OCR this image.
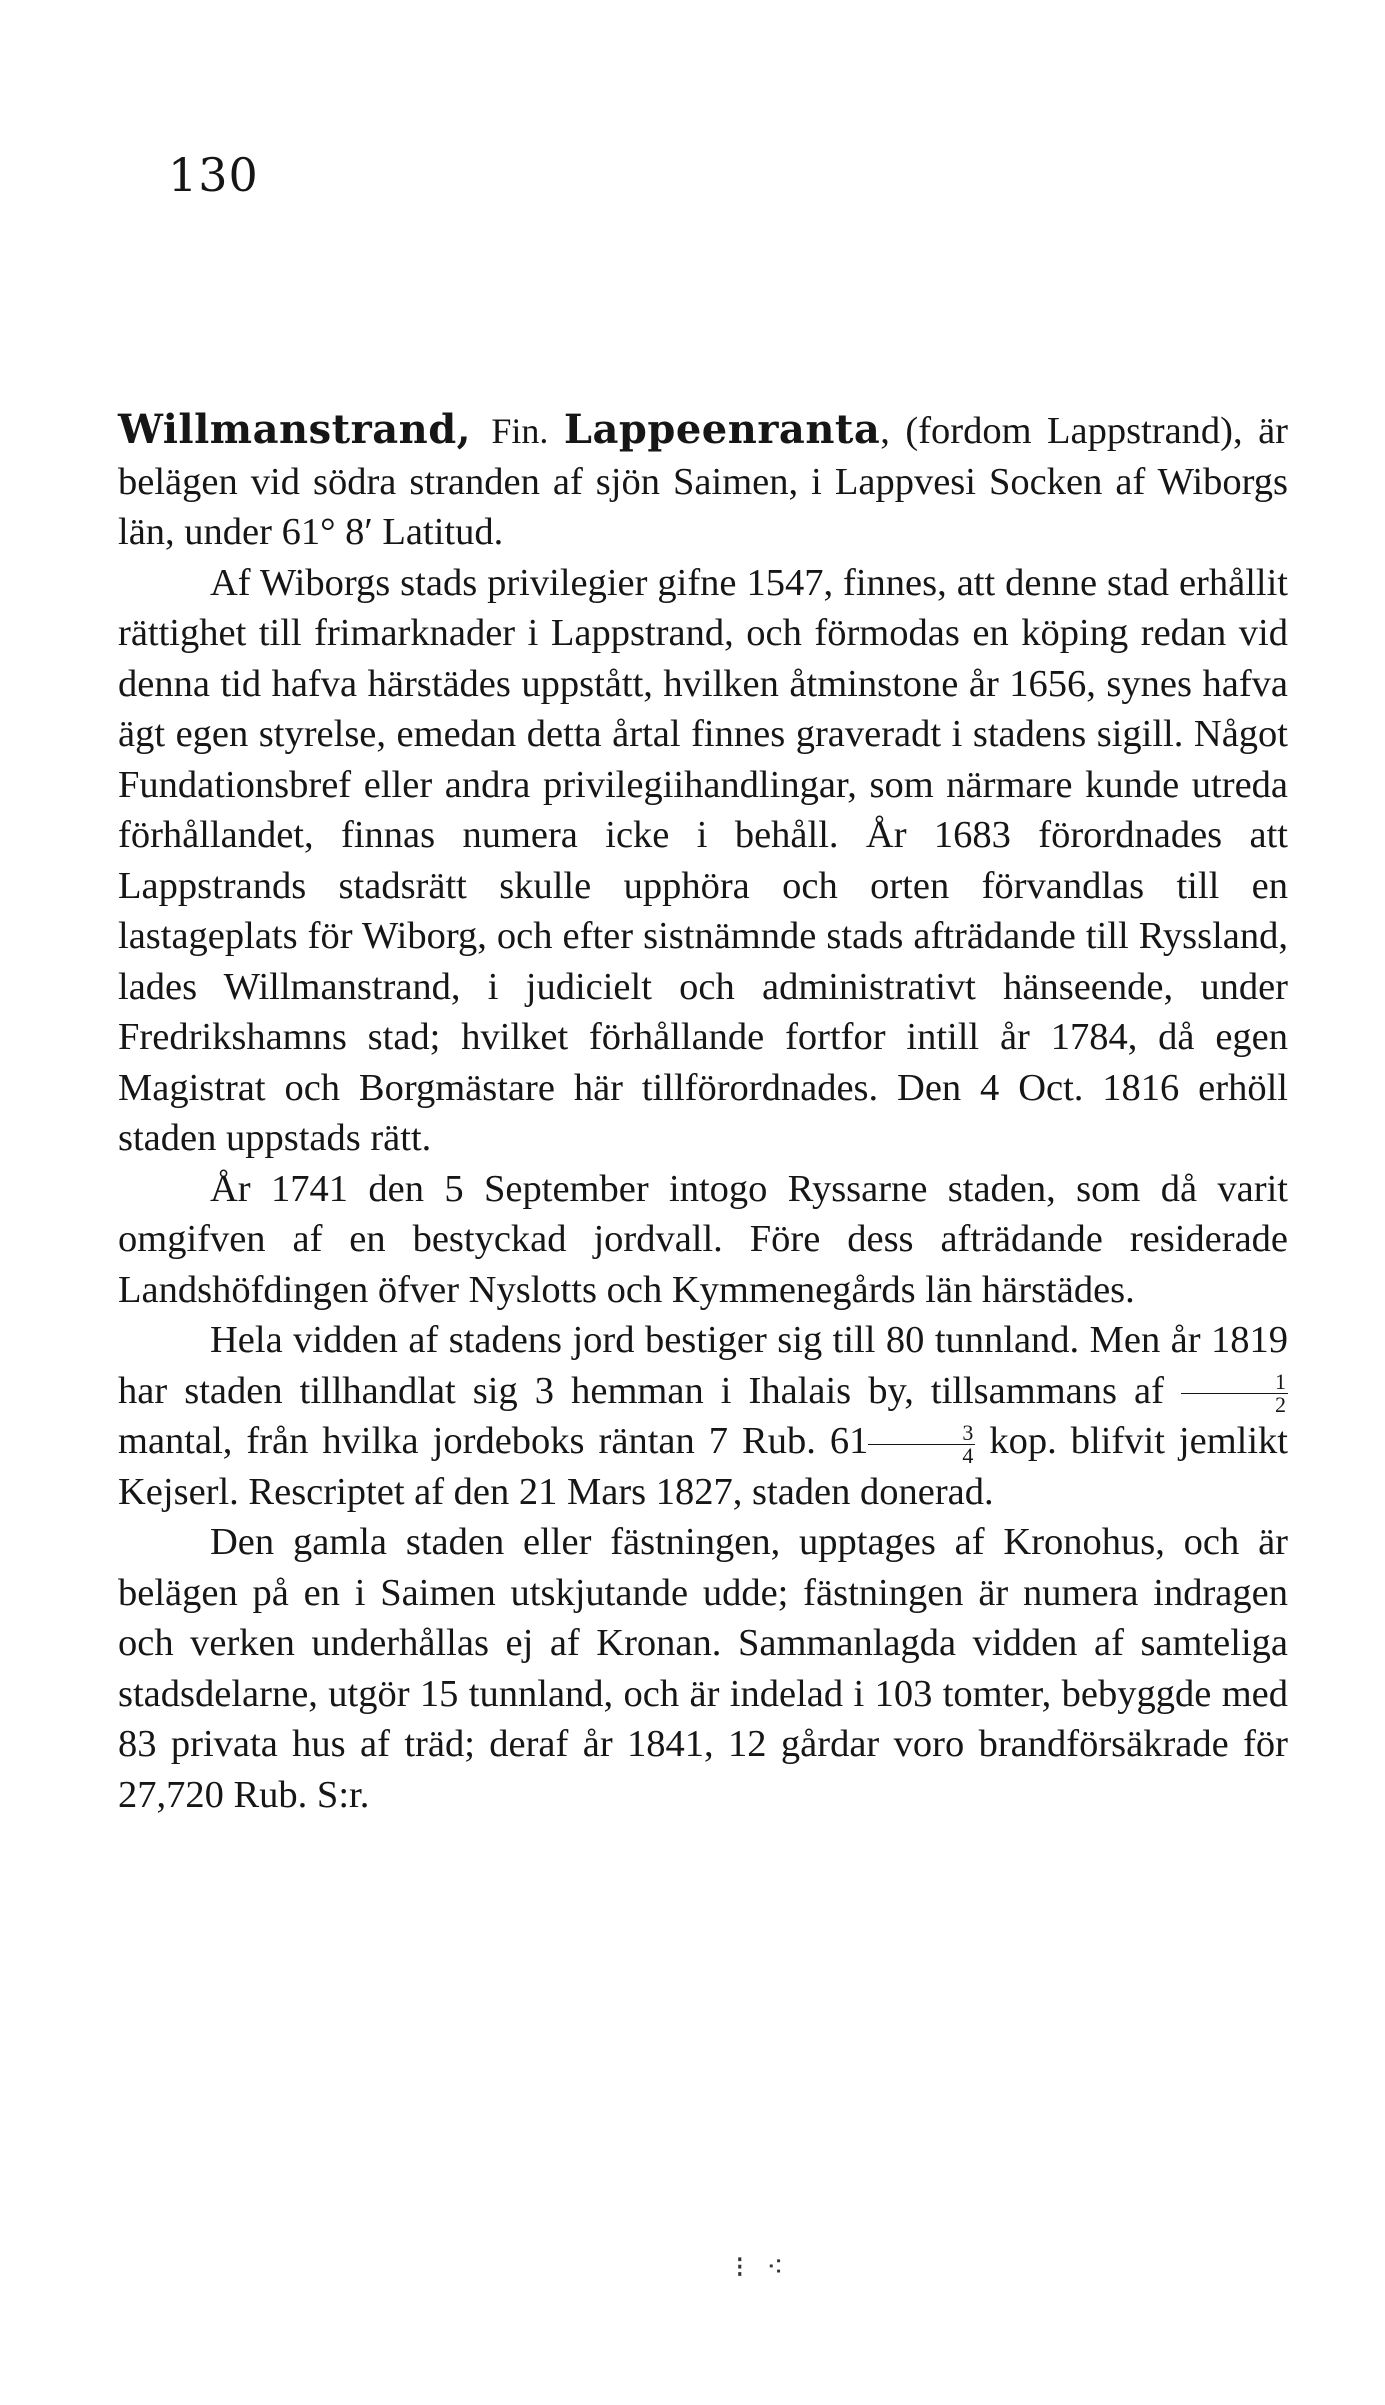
130

Willmanstrand, Fin. Lappeenranta, (fordom Lappstrand), är belägen vid södra stranden af sjön Saimen, i Lappvesi Socken af Wiborgs län, under 61° 8′ Latitud.

Af Wiborgs stads privilegier gifne 1547, finnes, att denne stad erhållit rättighet till frimarknader i Lappstrand, och förmodas en köping redan vid denna tid hafva härstädes uppstått, hvilken åtminstone år 1656, synes hafva ägt egen styrelse, emedan detta årtal finnes graveradt i stadens sigill. Något Fundationsbref eller andra privilegiihandlingar, som närmare kunde utreda förhållandet, finnas numera icke i behåll. År 1683 förordnades att Lappstrands stadsrätt skulle upphöra och orten förvandlas till en lastageplats för Wiborg, och efter sistnämnde stads afträdande till Ryssland, lades Willmanstrand, i judicielt och administrativt hänseende, under Fredrikshamns stad; hvilket förhållande fortfor intill år 1784, då egen Magistrat och Borgmästare här tillförordnades. Den 4 Oct. 1816 erhöll staden uppstads rätt.

År 1741 den 5 September intogo Ryssarne staden, som då varit omgifven af en bestyckad jordvall. Före dess afträdande residerade Landshöfdingen öfver Nyslotts och Kymmenegårds län härstädes.

Hela vidden af stadens jord bestiger sig till 80 tunnland. Men år 1819 har staden tillhandlat sig 3 hemman i Ihalais by, tillsammans af $\frac{1}{2}$
mantal, från hvilka jordeboks räntan 7 Rub. $61 \frac{3}{4}$ kop. blifvit jemlikt Kejserl. Rescriptet af den 21 Mars 1827, staden donerad.

Den gamla staden eller fästningen, upptages af Kronohus, och är belägen på en i Saimen utskjutande udde; fästningen är numera indragen och verken underhållas ej af Kronan. Sammanlagda vidden af samteliga stadsdelarne, utgör 15 tunnland, och är indelad i 103 tomter, bebyggde med 83 privata hus af träd; deraf år 1841, 12 gårdar voro brandförsäkrade för 27,720 Rub. S:r.

⁝ ⁖
